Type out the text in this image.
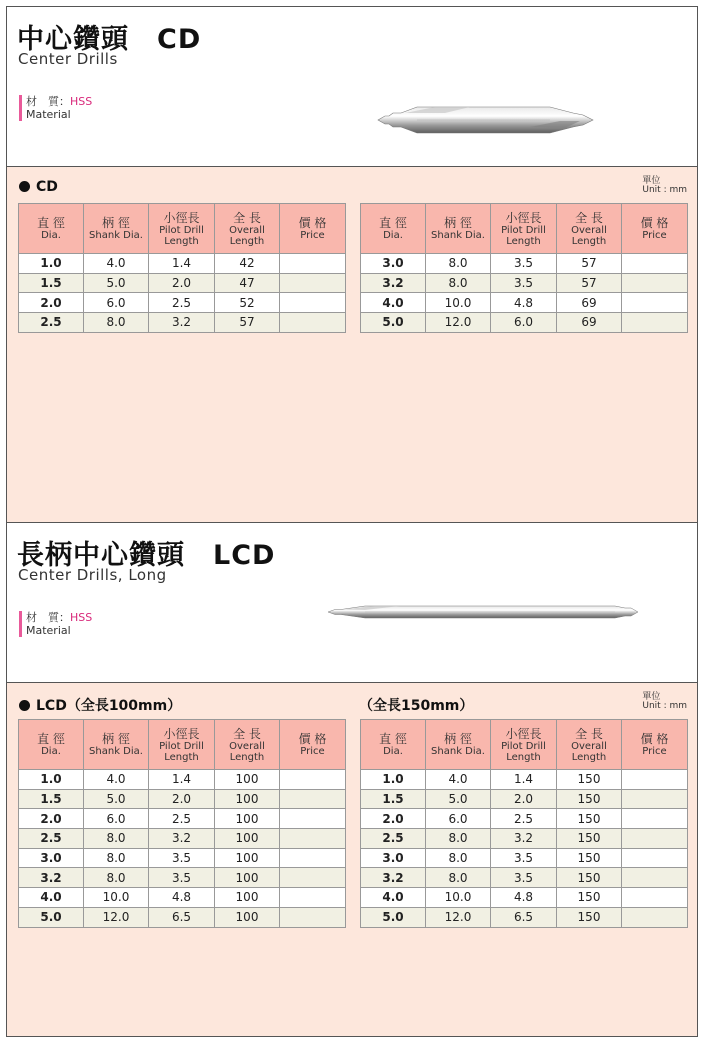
中心鑽頭　CD
Center Drills
材　質：HSS
Material
CD	單位
Unit : mm
直 徑
Dia.	柄 徑
Shank Dia.	小徑長
Pilot Drill Length	全 長
Overall Length	價 格
Price
1.0	4.0	1.4	42	
1.5	5.0	2.0	47	
2.0	6.0	2.5	52	
2.5	8.0	3.2	57	
直 徑
Dia.	柄 徑
Shank Dia.	小徑長
Pilot Drill Length	全 長
Overall Length	價 格
Price
3.0	8.0	3.5	57	
3.2	8.0	3.5	57	
4.0	10.0	4.8	69	
5.0	12.0	6.0	69	
長柄中心鑽頭　LCD
Center Drills, Long
材　質：HSS
Material
LCD（全長100mm）	（全長150mm）
單位
Unit : mm
直 徑
Dia.	柄 徑
Shank Dia.	小徑長
Pilot Drill Length	全 長
Overall Length	價 格
Price
1.0	4.0	1.4	100	
1.5	5.0	2.0	100	
2.0	6.0	2.5	100	
2.5	8.0	3.2	100	
3.0	8.0	3.5	100	
3.2	8.0	3.5	100	
4.0	10.0	4.8	100	
5.0	12.0	6.5	100	
直 徑
Dia.	柄 徑
Shank Dia.	小徑長
Pilot Drill Length	全 長
Overall Length	價 格
Price
1.0	4.0	1.4	150	
1.5	5.0	2.0	150	
2.0	6.0	2.5	150	
2.5	8.0	3.2	150	
3.0	8.0	3.5	150	
3.2	8.0	3.5	150	
4.0	10.0	4.8	150	
5.0	12.0	6.5	150	
